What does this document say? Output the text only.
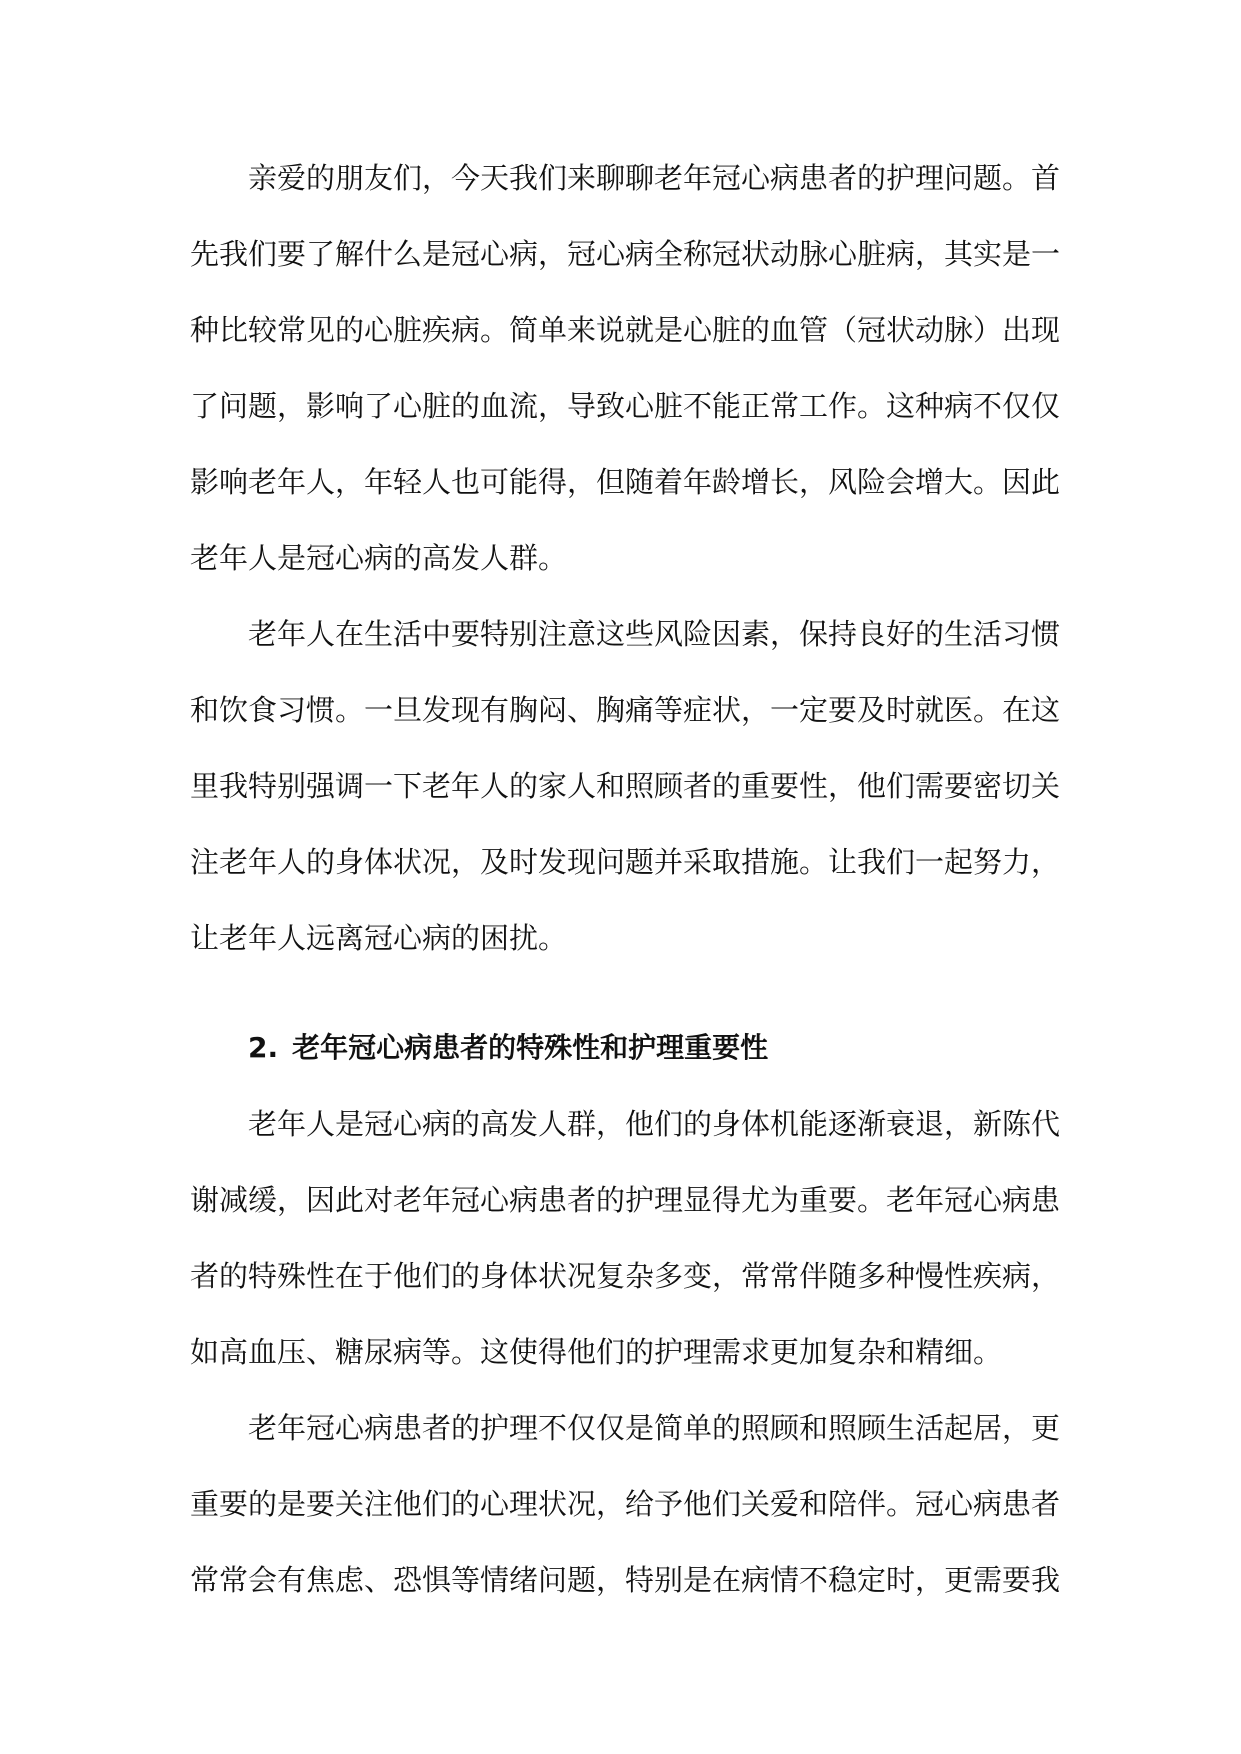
亲爱的朋友们，今天我们来聊聊老年冠心病患者的护理问题。首先我们要了解什么是冠心病，冠心病全称冠状动脉心脏病，其实是一种比较常见的心脏疾病。简单来说就是心脏的血管（冠状动脉）出现了问题，影响了心脏的血流，导致心脏不能正常工作。这种病不仅仅影响老年人，年轻人也可能得，但随着年龄增长，风险会增大。因此老年人是冠心病的高发人群。

老年人在生活中要特别注意这些风险因素，保持良好的生活习惯和饮食习惯。一旦发现有胸闷、胸痛等症状，一定要及时就医。在这里我特别强调一下老年人的家人和照顾者的重要性，他们需要密切关注老年人的身体状况，及时发现问题并采取措施。让我们一起努力，让老年人远离冠心病的困扰。

2. 老年冠心病患者的特殊性和护理重要性

老年人是冠心病的高发人群，他们的身体机能逐渐衰退，新陈代谢减缓，因此对老年冠心病患者的护理显得尤为重要。老年冠心病患者的特殊性在于他们的身体状况复杂多变，常常伴随多种慢性疾病，如高血压、糖尿病等。这使得他们的护理需求更加复杂和精细。

老年冠心病患者的护理不仅仅是简单的照顾和照顾生活起居，更重要的是要关注他们的心理状况，给予他们关爱和陪伴。冠心病患者常常会有焦虑、恐惧等情绪问题，特别是在病情不稳定时，更需要我
